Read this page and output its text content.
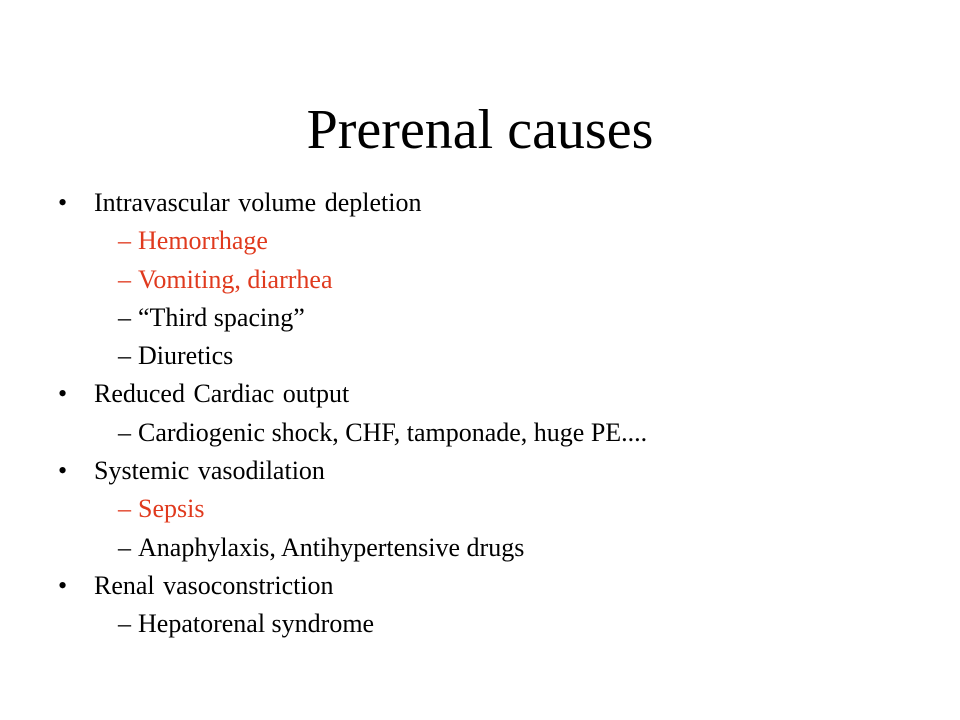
Prerenal causes
• Intravascular volume depletion
– Hemorrhage
– Vomiting, diarrhea
– “Third spacing”
– Diuretics
• Reduced Cardiac output
– Cardiogenic shock, CHF, tamponade, huge PE....
• Systemic vasodilation
– Sepsis
– Anaphylaxis, Antihypertensive drugs
• Renal vasoconstriction
– Hepatorenal syndrome
